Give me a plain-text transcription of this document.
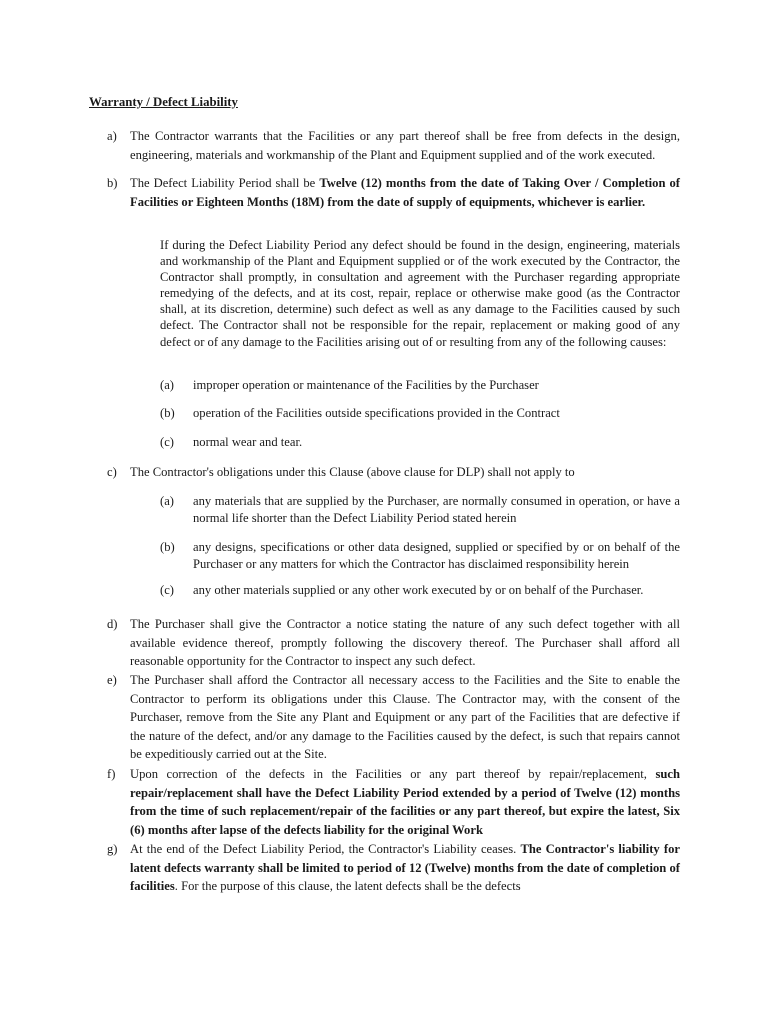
Warranty / Defect Liability
a) The Contractor warrants that the Facilities or any part thereof shall be free from defects in the design, engineering, materials and workmanship of the Plant and Equipment supplied and of the work executed.
b) The Defect Liability Period shall be Twelve (12) months from the date of Taking Over / Completion of Facilities or Eighteen Months (18M) from the date of supply of equipments, whichever is earlier.
If during the Defect Liability Period any defect should be found in the design, engineering, materials and workmanship of the Plant and Equipment supplied or of the work executed by the Contractor, the Contractor shall promptly, in consultation and agreement with the Purchaser regarding appropriate remedying of the defects, and at its cost, repair, replace or otherwise make good (as the Contractor shall, at its discretion, determine) such defect as well as any damage to the Facilities caused by such defect. The Contractor shall not be responsible for the repair, replacement or making good of any defect or of any damage to the Facilities arising out of or resulting from any of the following causes:
(a) improper operation or maintenance of the Facilities by the Purchaser
(b) operation of the Facilities outside specifications provided in the Contract
(c) normal wear and tear.
c) The Contractor's obligations under this Clause (above clause for DLP) shall not apply to
(a) any materials that are supplied by the Purchaser, are normally consumed in operation, or have a normal life shorter than the Defect Liability Period stated herein
(b) any designs, specifications or other data designed, supplied or specified by or on behalf of the Purchaser or any matters for which the Contractor has disclaimed responsibility herein
(c) any other materials supplied or any other work executed by or on behalf of the Purchaser.
d) The Purchaser shall give the Contractor a notice stating the nature of any such defect together with all available evidence thereof, promptly following the discovery thereof. The Purchaser shall afford all reasonable opportunity for the Contractor to inspect any such defect.
e) The Purchaser shall afford the Contractor all necessary access to the Facilities and the Site to enable the Contractor to perform its obligations under this Clause. The Contractor may, with the consent of the Purchaser, remove from the Site any Plant and Equipment or any part of the Facilities that are defective if the nature of the defect, and/or any damage to the Facilities caused by the defect, is such that repairs cannot be expeditiously carried out at the Site.
f) Upon correction of the defects in the Facilities or any part thereof by repair/replacement, such repair/replacement shall have the Defect Liability Period extended by a period of Twelve (12) months from the time of such replacement/repair of the facilities or any part thereof, but expire the latest, Six (6) months after lapse of the defects liability for the original Work
g) At the end of the Defect Liability Period, the Contractor's Liability ceases. The Contractor's liability for latent defects warranty shall be limited to period of 12 (Twelve) months from the date of completion of facilities. For the purpose of this clause, the latent defects shall be the defects
